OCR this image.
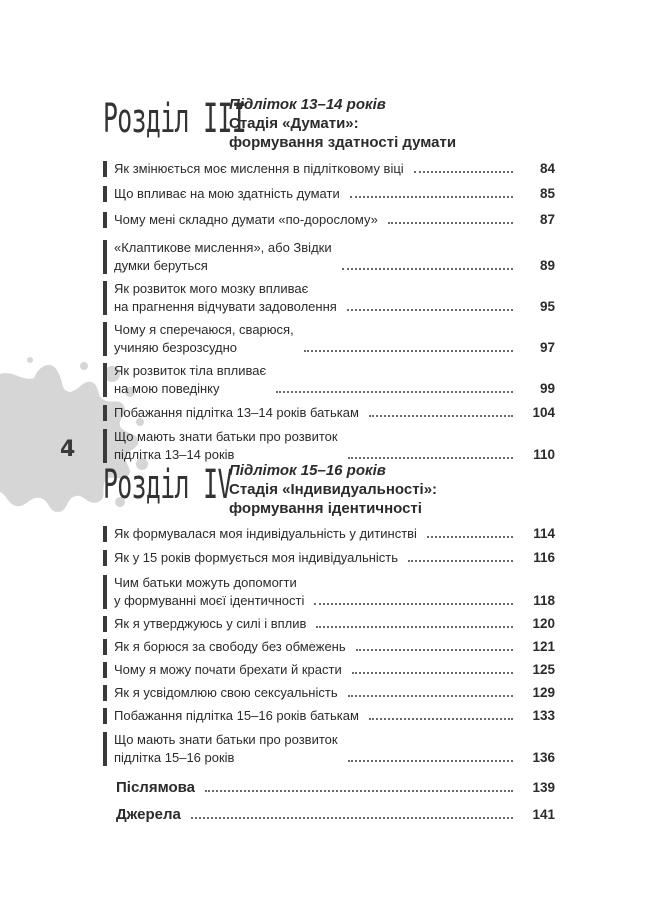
4
Розділ III
Підліток 13–14 років
Стадія «Думати»:
формування здатності думати
Як змінюється моє мислення в підлітковому віці	84
Що впливає на мою здатність думати	85
Чому мені складно думати «по-дорослому»	87
«Клаптикове мислення», або Звідки
думки беруться	89
Як розвиток мого мозку впливає
на прагнення відчувати задоволення	95
Чому я сперечаюся, сварюся,
учиняю безрозсудно	97
Як розвиток тіла впливає
на мою поведінку	99
Побажання підлітка 13–14 років батькам	104
Що мають знати батьки про розвиток
підлітка 13–14 років	110
Розділ IV
Підліток 15–16 років
Стадія «Індивидуальності»:
формування ідентичності
Як формувалася моя індивідуальність у дитинстві	114
Як у 15 років формується моя індивідуальність	116
Чим батьки можуть допомогти
у формуванні моєї ідентичності	118
Як я утверджуюсь у силі і вплив	120
Як я борюся за свободу без обмежень	121
Чому я можу почати брехати й красти	125
Як я усвідомлюю свою сексуальність	129
Побажання підлітка 15–16 років батькам	133
Що мають знати батьки про розвиток
підлітка 15–16 років	136
Післямова	139
Джерела	141
